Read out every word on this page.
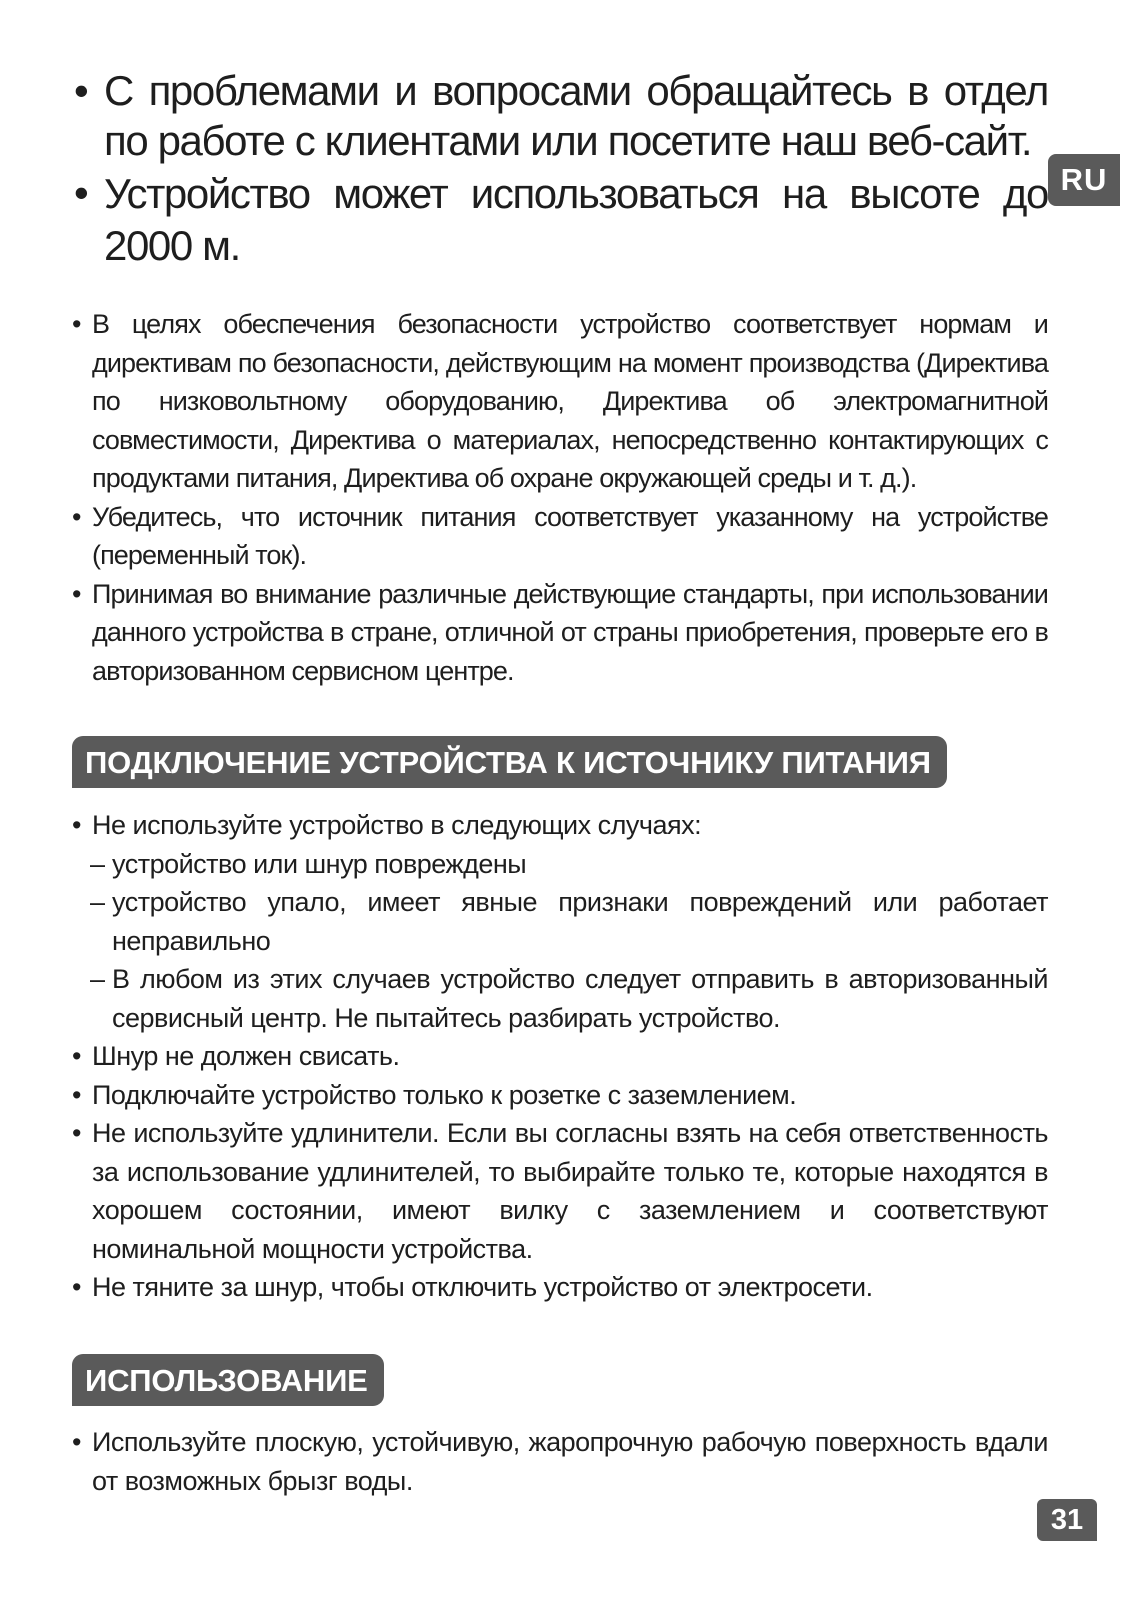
RU
• С проблемами и вопросами обращайтесь в отдел по работе с клиентами или посетите наш веб-сайт.
• Устройство может использоваться на высоте до 2000 м.
• В целях обеспечения безопасности устройство соответствует нормам и директивам по безопасности, действующим на момент производства (Директива по низковольтному оборудованию, Директива об электромагнитной совместимости, Директива о материалах, непосредственно контактирующих с продуктами питания, Директива об охране окружающей среды и т. д.).
• Убедитесь, что источник питания соответствует указанному на устройстве (переменный ток).
• Принимая во внимание различные действующие стандарты, при использовании данного устройства в стране, отличной от страны приобретения, проверьте его в авторизованном сервисном центре.
ПОДКЛЮЧЕНИЕ УСТРОЙСТВА К ИСТОЧНИКУ ПИТАНИЯ
• Не используйте устройство в следующих случаях:
– устройство или шнур повреждены
– устройство упало, имеет явные признаки повреждений или работает неправильно
– В любом из этих случаев устройство следует отправить в авторизованный сервисный центр. Не пытайтесь разбирать устройство.
• Шнур не должен свисать.
• Подключайте устройство только к розетке с заземлением.
• Не используйте удлинители. Если вы согласны взять на себя ответственность за использование удлинителей, то выбирайте только те, которые находятся в хорошем состоянии, имеют вилку с заземлением и соответствуют номинальной мощности устройства.
• Не тяните за шнур, чтобы отключить устройство от электросети.
ИСПОЛЬЗОВАНИЕ
• Используйте плоскую, устойчивую, жаропрочную рабочую поверхность вдали от возможных брызг воды.
31
